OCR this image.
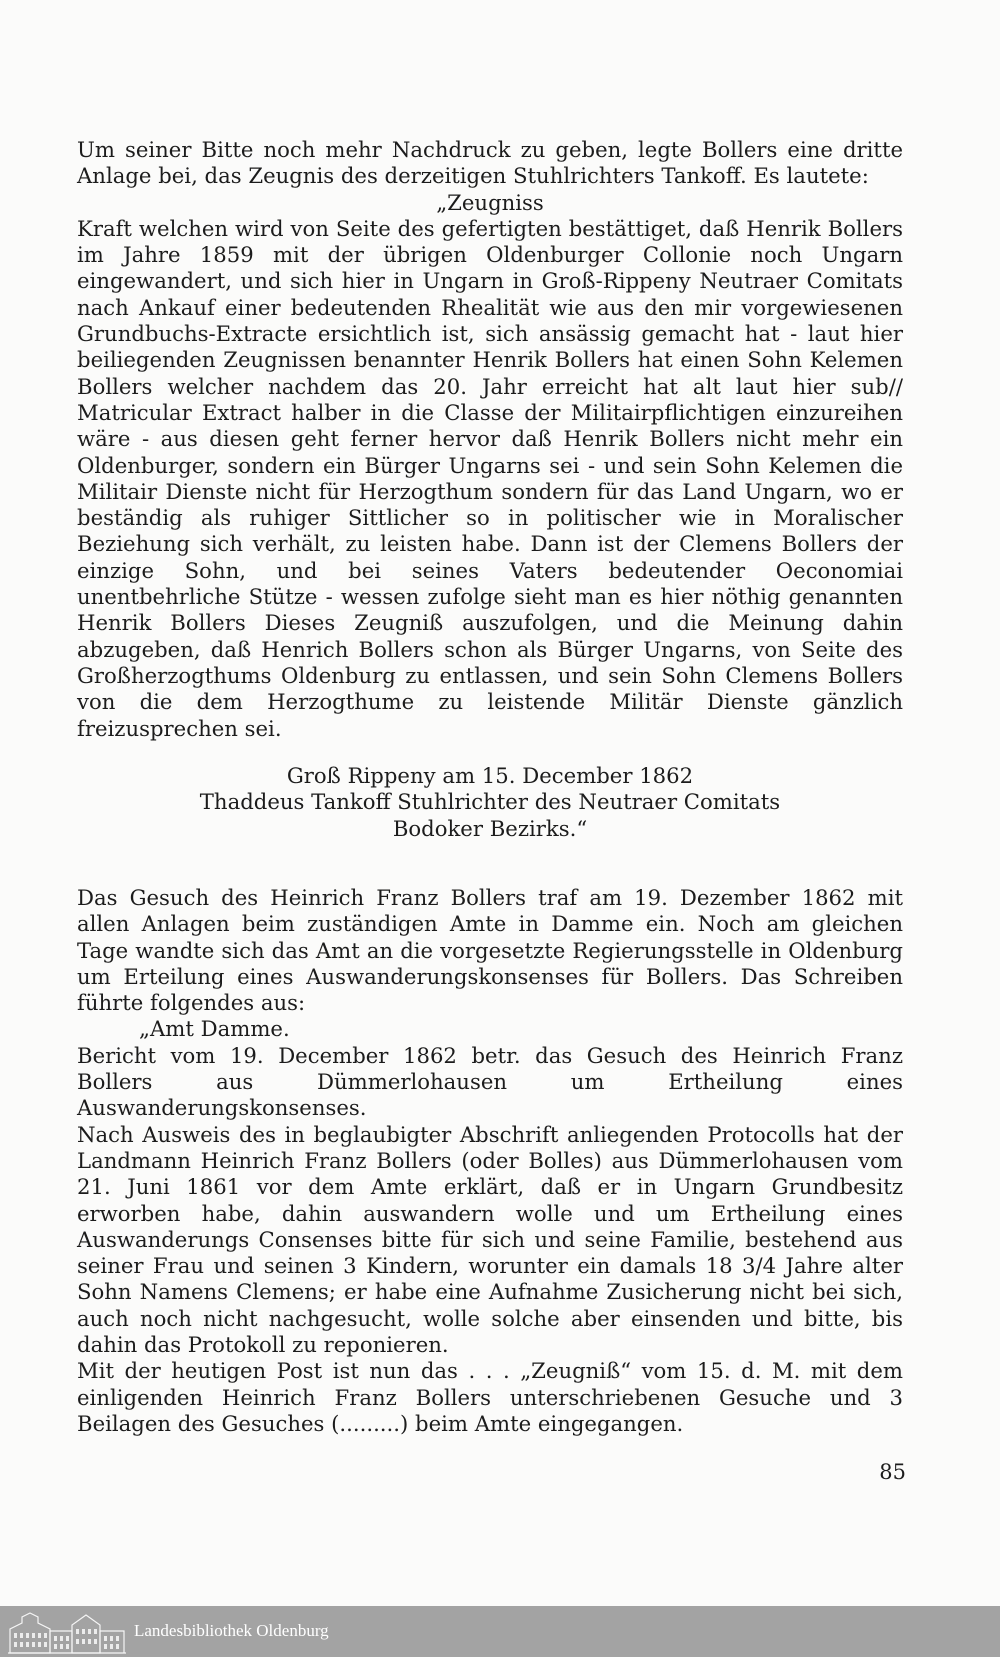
Um seiner Bitte noch mehr Nachdruck zu geben, legte Bollers eine dritte Anlage bei, das Zeugnis des derzeitigen Stuhlrichters Tankoff. Es lautete:

„Zeugniss

Kraft welchen wird von Seite des gefertigten bestättiget, daß Henrik Bollers im Jahre 1859 mit der übrigen Oldenburger Collonie noch Ungarn eingewandert, und sich hier in Ungarn in Groß-Rippeny Neutraer Comitats nach Ankauf einer bedeutenden Rhealität wie aus den mir vorgewiesenen Grundbuchs-Extracte ersichtlich ist, sich ansässig gemacht hat - laut hier beiliegenden Zeugnissen benannter Henrik Bollers hat einen Sohn Kelemen Bollers welcher nachdem das 20. Jahr erreicht hat alt laut hier sub// Matricular Extract halber in die Classe der Militairpflichtigen einzureihen wäre - aus diesen geht ferner hervor daß Henrik Bollers nicht mehr ein Oldenburger, sondern ein Bürger Ungarns sei - und sein Sohn Kelemen die Militair Dienste nicht für Herzogthum sondern für das Land Ungarn, wo er beständig als ruhiger Sittlicher so in politischer wie in Moralischer Beziehung sich verhält, zu leisten habe. Dann ist der Clemens Bollers der einzige Sohn, und bei seines Vaters bedeutender Oeconomiai unentbehrliche Stütze - wessen zufolge sieht man es hier nöthig genannten Henrik Bollers Dieses Zeugniß auszufolgen, und die Meinung dahin abzugeben, daß Henrich Bollers schon als Bürger Ungarns, von Seite des Großherzogthums Oldenburg zu entlassen, und sein Sohn Clemens Bollers von die dem Herzogthume zu leistende Militär Dienste gänzlich freizusprechen sei.

Groß Rippeny am 15. December 1862

Thaddeus Tankoff Stuhlrichter des Neutraer Comitats

Bodoker Bezirks.“

Das Gesuch des Heinrich Franz Bollers traf am 19. Dezember 1862 mit allen Anlagen beim zuständigen Amte in Damme ein. Noch am gleichen Tage wandte sich das Amt an die vorgesetzte Regierungsstelle in Oldenburg um Erteilung eines Auswanderungskonsenses für Bollers. Das Schreiben führte folgendes aus:

„Amt Damme.

Bericht vom 19. December 1862 betr. das Gesuch des Heinrich Franz Bollers aus Dümmerlohausen um Ertheilung eines Auswanderungskonsenses.

Nach Ausweis des in beglaubigter Abschrift anliegenden Protocolls hat der Landmann Heinrich Franz Bollers (oder Bolles) aus Dümmerlohausen vom 21. Juni 1861 vor dem Amte erklärt, daß er in Ungarn Grundbesitz erworben habe, dahin auswandern wolle und um Ertheilung eines Auswanderungs Consenses bitte für sich und seine Familie, bestehend aus seiner Frau und seinen 3 Kindern, worunter ein damals 18 3/4 Jahre alter Sohn Namens Clemens; er habe eine Aufnahme Zusicherung nicht bei sich, auch noch nicht nachgesucht, wolle solche aber einsenden und bitte, bis dahin das Protokoll zu reponieren.

Mit der heutigen Post ist nun das . . . „Zeugniß“ vom 15. d. M. mit dem einligenden Heinrich Franz Bollers unterschriebenen Gesuche und 3 Beilagen des Gesuches (.........) beim Amte eingegangen.

85
Landesbibliothek Oldenburg
